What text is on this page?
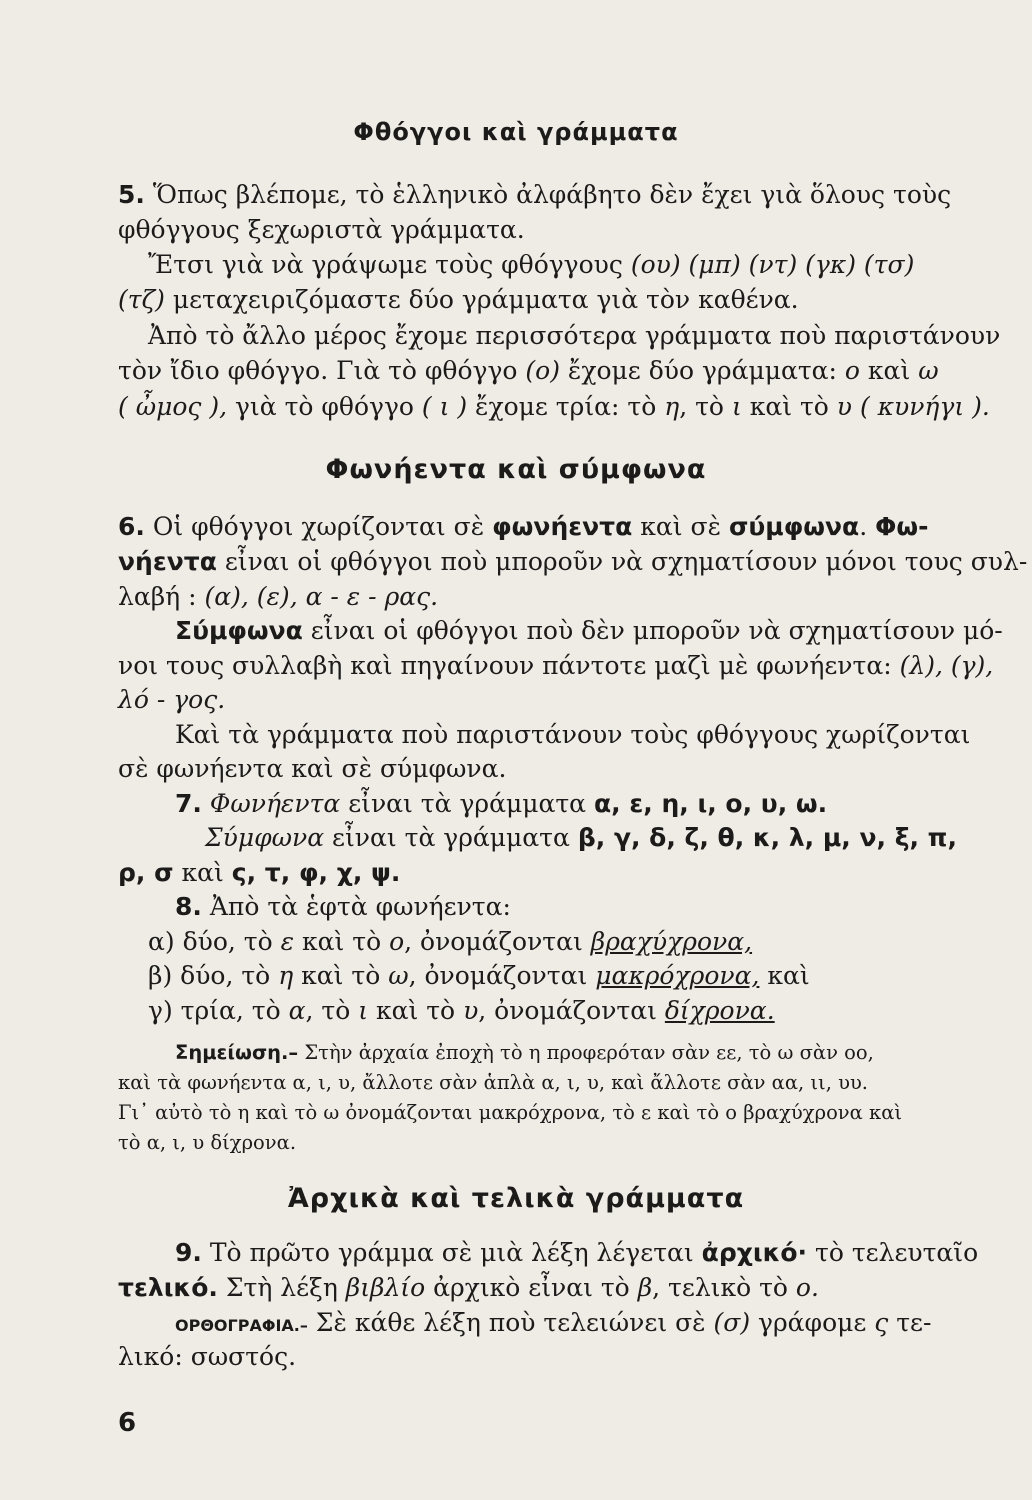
Φθόγγοι καὶ γράμματα
5. Ὅπως βλέπομε, τὸ ἑλληνικὸ ἀλφάβητο δὲν ἔχει γιὰ ὅλους τοὺς
φθόγγους ξεχωριστὰ γράμματα.
Ἔτσι γιὰ νὰ γράψωμε τοὺς φθόγγους (ου) (μπ) (ντ) (γκ) (τσ)
(τζ) μεταχειριζόμαστε δύο γράμματα γιὰ τὸν καθένα.
Ἀπὸ τὸ ἄλλο μέρος ἔχομε περισσότερα γράμματα ποὺ παριστάνουν
τὸν ἴδιο φθόγγο. Γιὰ τὸ φθόγγο (ο) ἔχομε δύο γράμματα: ο καὶ ω
( ὦμος ), γιὰ τὸ φθόγγο ( ι ) ἔχομε τρία: τὸ η, τὸ ι καὶ τὸ υ ( κυνήγι ).
Φωνήεντα καὶ σύμφωνα
6. Οἱ φθόγγοι χωρίζονται σὲ φωνήεντα καὶ σὲ σύμφωνα. Φω-
νήεντα εἶναι οἱ φθόγγοι ποὺ μποροῦν νὰ σχηματίσουν μόνοι τους συλ-
λαβή : (α), (ε), α - ε - ρας.
Σύμφωνα εἶναι οἱ φθόγγοι ποὺ δὲν μποροῦν νὰ σχηματίσουν μό-
νοι τους συλλαβὴ καὶ πηγαίνουν πάντοτε μαζὶ μὲ φωνήεντα: (λ), (γ),
λό - γος.
Καὶ τὰ γράμματα ποὺ παριστάνουν τοὺς φθόγγους χωρίζονται
σὲ φωνήεντα καὶ σὲ σύμφωνα.
7. Φωνήεντα εἶναι τὰ γράμματα α, ε, η, ι, ο, υ, ω.
Σύμφωνα εἶναι τὰ γράμματα β, γ, δ, ζ, θ, κ, λ, μ, ν, ξ, π,
ρ, σ καὶ ς, τ, φ, χ, ψ.
8. Ἀπὸ τὰ ἑφτὰ φωνήεντα:
α) δύο, τὸ ε καὶ τὸ ο, ὀνομάζονται βραχύχρονα,
β) δύο, τὸ η καὶ τὸ ω, ὀνομάζονται μακρόχρονα, καὶ
γ) τρία, τὸ α, τὸ ι καὶ τὸ υ, ὀνομάζονται δίχρονα.
Σημείωση.– Στὴν ἀρχαία ἐποχὴ τὸ η προφερόταν σὰν εε, τὸ ω σὰν οο,
καὶ τὰ φωνήεντα α, ι, υ, ἄλλοτε σὰν ἁπλὰ α, ι, υ, καὶ ἄλλοτε σὰν αα, ιι, υυ.
Γι᾽ αὐτὸ τὸ η καὶ τὸ ω ὀνομάζονται μακρόχρονα, τὸ ε καὶ τὸ ο βραχύχρονα καὶ
τὸ α, ι, υ δίχρονα.
Ἀρχικὰ καὶ τελικὰ γράμματα
9. Τὸ πρῶτο γράμμα σὲ μιὰ λέξη λέγεται ἀρχικό· τὸ τελευταῖο
τελικό. Στὴ λέξη βιβλίο ἀρχικὸ εἶναι τὸ β, τελικὸ τὸ ο.
ΟΡΘΟΓΡΑΦΙΑ.– Σὲ κάθε λέξη ποὺ τελειώνει σὲ (σ) γράφομε ς τε-
λικό: σωστός.
6
